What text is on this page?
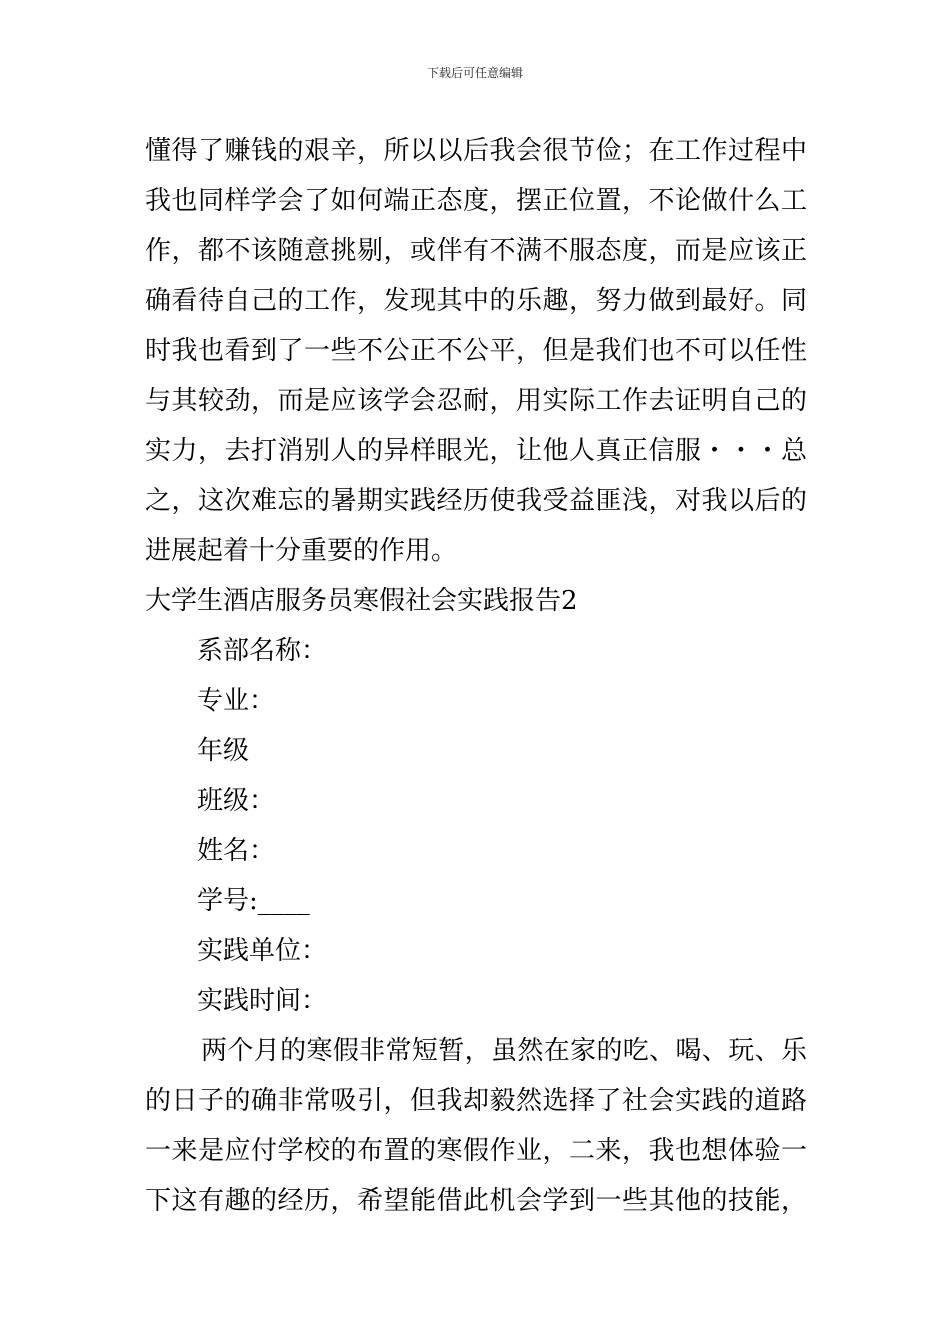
下载后可任意编辑
懂得了赚钱的艰辛，所以以后我会很节俭；在工作过程中
我也同样学会了如何端正态度，摆正位置，不论做什么工
作，都不该随意挑剔，或伴有不满不服态度，而是应该正
确看待自己的工作，发现其中的乐趣，努力做到最好。同
时我也看到了一些不公正不公平，但是我们也不可以任性
与其较劲，而是应该学会忍耐，用实际工作去证明自己的
实力，去打消别人的异样眼光，让他人真正信服・・・总
之，这次难忘的暑期实践经历使我受益匪浅，对我以后的
进展起着十分重要的作用。
大学生酒店服务员寒假社会实践报告2
系部名称：
专业：
年级
班级：
姓名：
学号:____
实践单位：
实践时间：
两个月的寒假非常短暂，虽然在家的吃、喝、玩、乐
的日子的确非常吸引，但我却毅然选择了社会实践的道路
一来是应付学校的布置的寒假作业，二来，我也想体验一
下这有趣的经历，希望能借此机会学到一些其他的技能，
